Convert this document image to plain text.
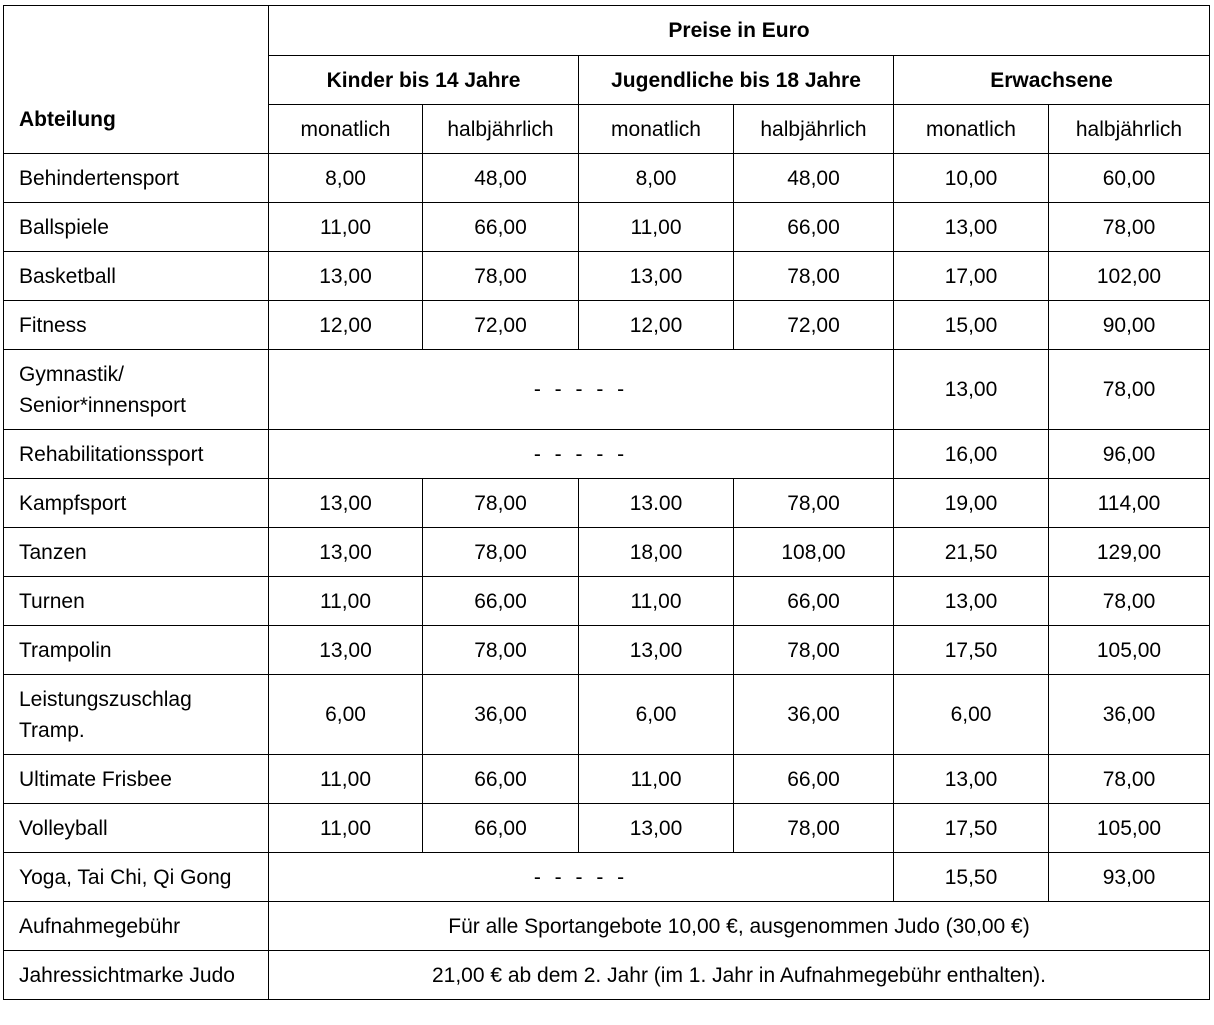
Abteilung	Preise in Euro					
	Kinder bis 14 Jahre		Jugendliche bis 18 Jahre		Erwachsene	
	monatlich	halbjährlich	monatlich	halbjährlich	monatlich	halbjährlich
Behindertensport	8,00	48,00	8,00	48,00	10,00	60,00
Ballspiele	11,00	66,00	11,00	66,00	13,00	78,00
Basketball	13,00	78,00	13,00	78,00	17,00	102,00
Fitness	12,00	72,00	12,00	72,00	15,00	90,00
Gymnastik/
Senior*innensport	- - - - -				13,00	78,00
Rehabilitationssport	- - - - -				16,00	96,00
Kampfsport	13,00	78,00	13.00	78,00	19,00	114,00
Tanzen	13,00	78,00	18,00	108,00	21,50	129,00
Turnen	11,00	66,00	11,00	66,00	13,00	78,00
Trampolin	13,00	78,00	13,00	78,00	17,50	105,00
Leistungszuschlag
Tramp.	6,00	36,00	6,00	36,00	6,00	36,00
Ultimate Frisbee	11,00	66,00	11,00	66,00	13,00	78,00
Volleyball	11,00	66,00	13,00	78,00	17,50	105,00
Yoga, Tai Chi, Qi Gong	- - - - -				15,50	93,00
Aufnahmegebühr	Für alle Sportangebote 10,00 €, ausgenommen Judo (30,00 €)					
Jahressichtmarke Judo	21,00 € ab dem 2. Jahr (im 1. Jahr in Aufnahmegebühr enthalten).					
